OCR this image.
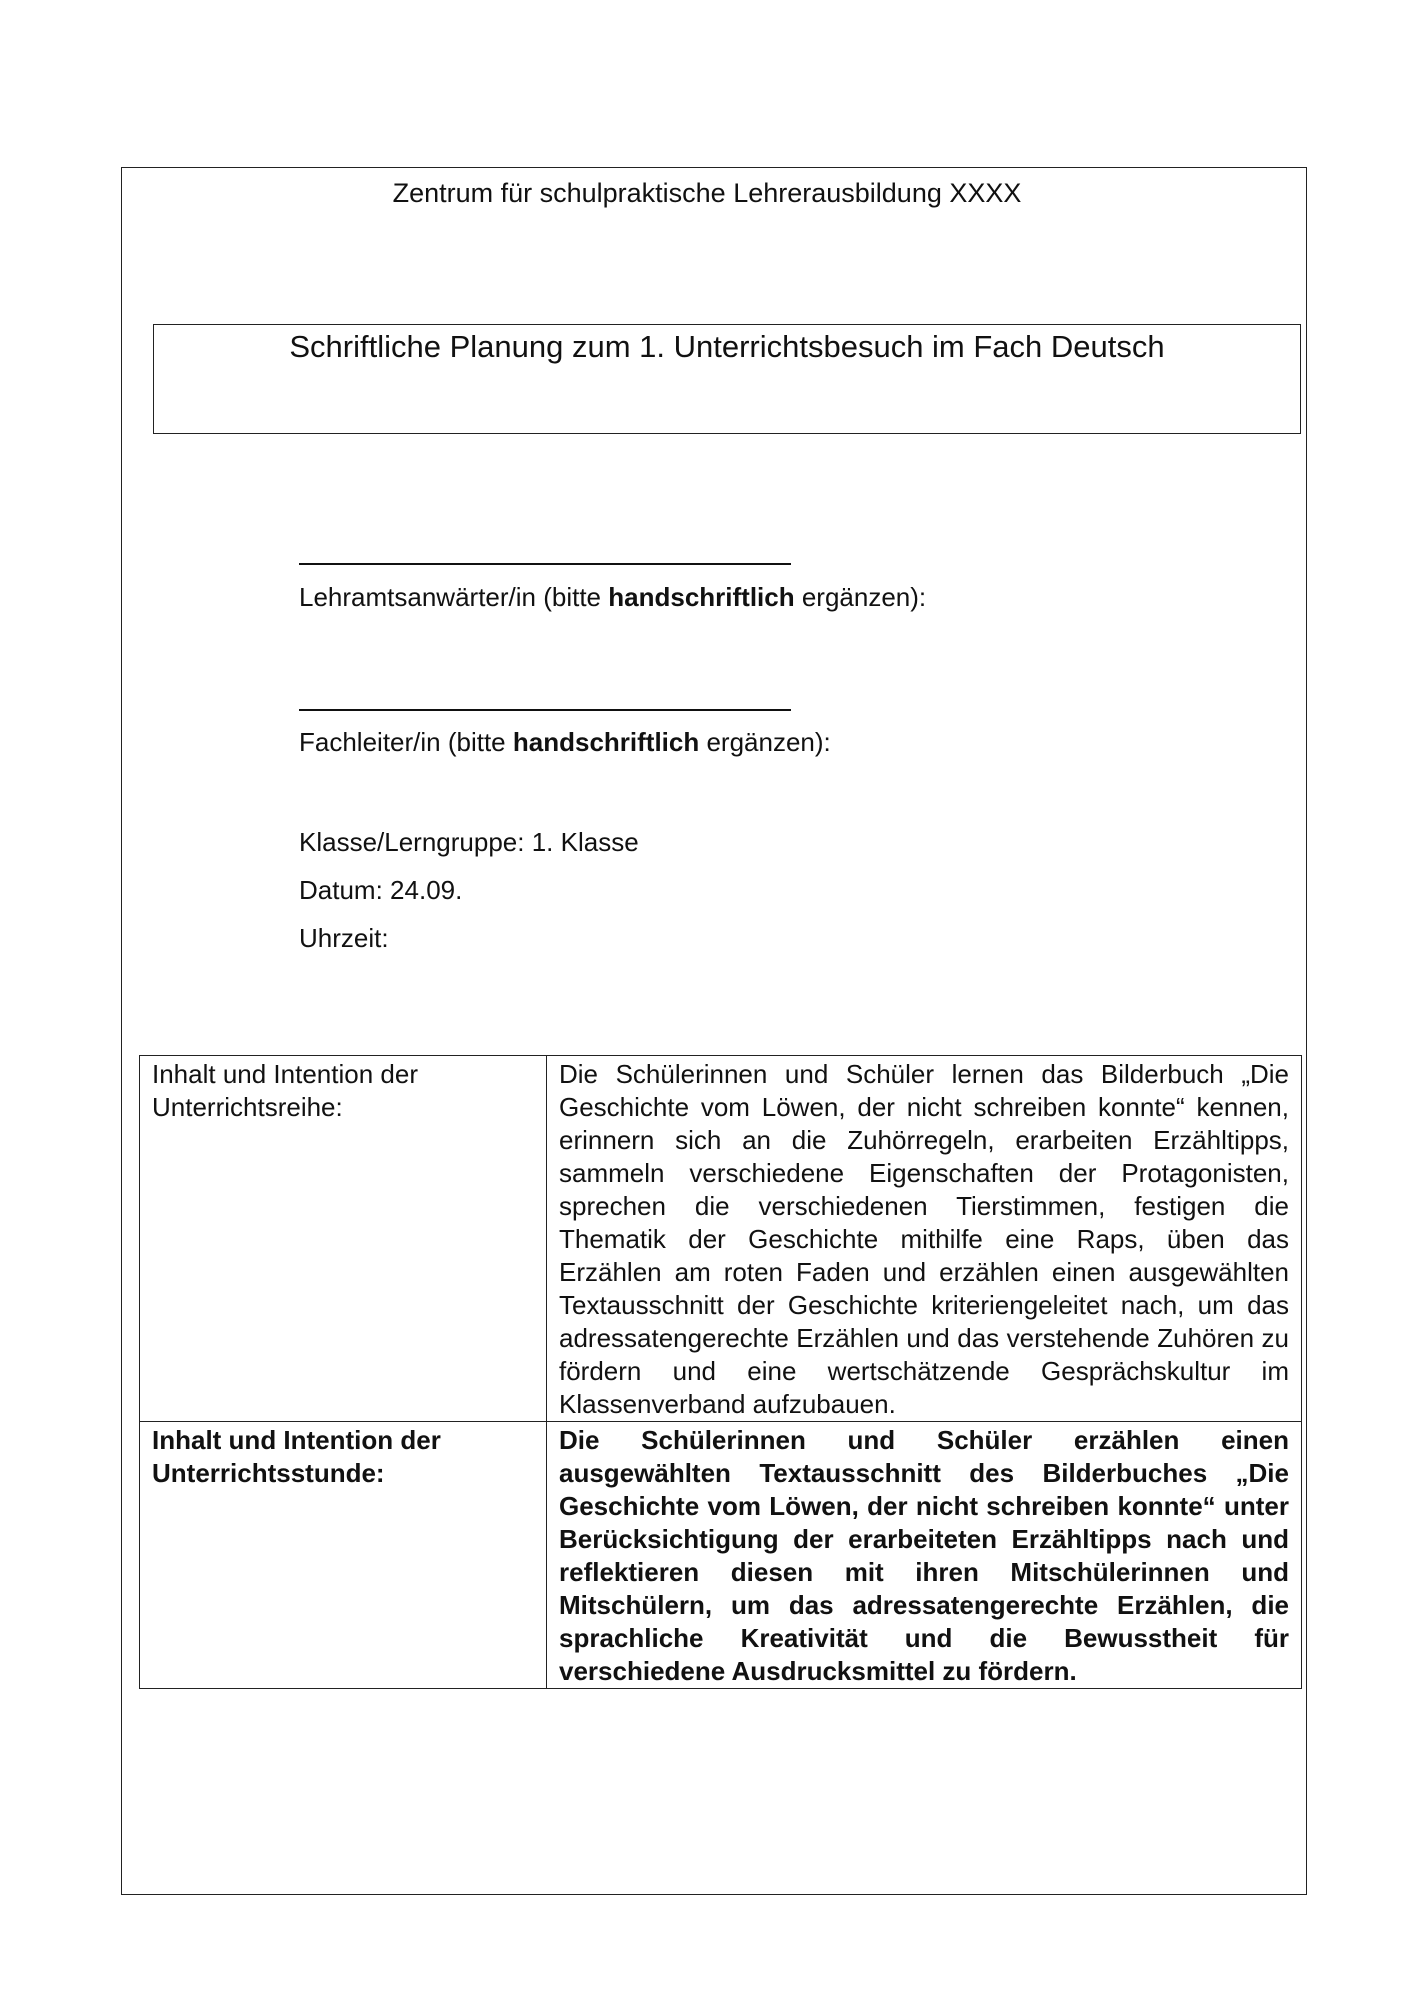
Zentrum für schulpraktische Lehrerausbildung XXXX
Schriftliche Planung zum 1. Unterrichtsbesuch im Fach Deutsch
Lehramtsanwärter/in (bitte handschriftlich ergänzen):
Fachleiter/in (bitte handschriftlich ergänzen):
Klasse/Lerngruppe: 1. Klasse
Datum: 24.09.
Uhrzeit:
Inhalt und Intention der Unterrichtsreihe:	Die Schülerinnen und Schüler lernen das Bilderbuch „Die Geschichte vom Löwen, der nicht schreiben konnte“ kennen, erinnern sich an die Zuhörregeln, erarbeiten Erzähltipps, sammeln verschiedene Eigenschaften der Protagonisten, sprechen die verschiedenen Tierstimmen, festigen die Thematik der Geschichte mithilfe eine Raps, üben das Erzählen am roten Faden und erzählen einen ausgewählten Textausschnitt der Geschichte kriteriengeleitet nach, um das adressatengerechte Erzählen und das verstehende Zuhören zu fördern und eine wertschätzende Gesprächskultur im Klassenverband aufzubauen.
Inhalt und Intention der Unterrichtsstunde:	Die Schülerinnen und Schüler erzählen einen ausgewählten Textausschnitt des Bilderbuches „Die Geschichte vom Löwen, der nicht schreiben konnte“ unter Berücksichtigung der erarbeiteten Erzähltipps nach und reflektieren diesen mit ihren Mitschülerinnen und Mitschülern, um das adressatengerechte Erzählen, die sprachliche Kreativität und die Bewusstheit für verschiedene Ausdrucksmittel zu fördern.
